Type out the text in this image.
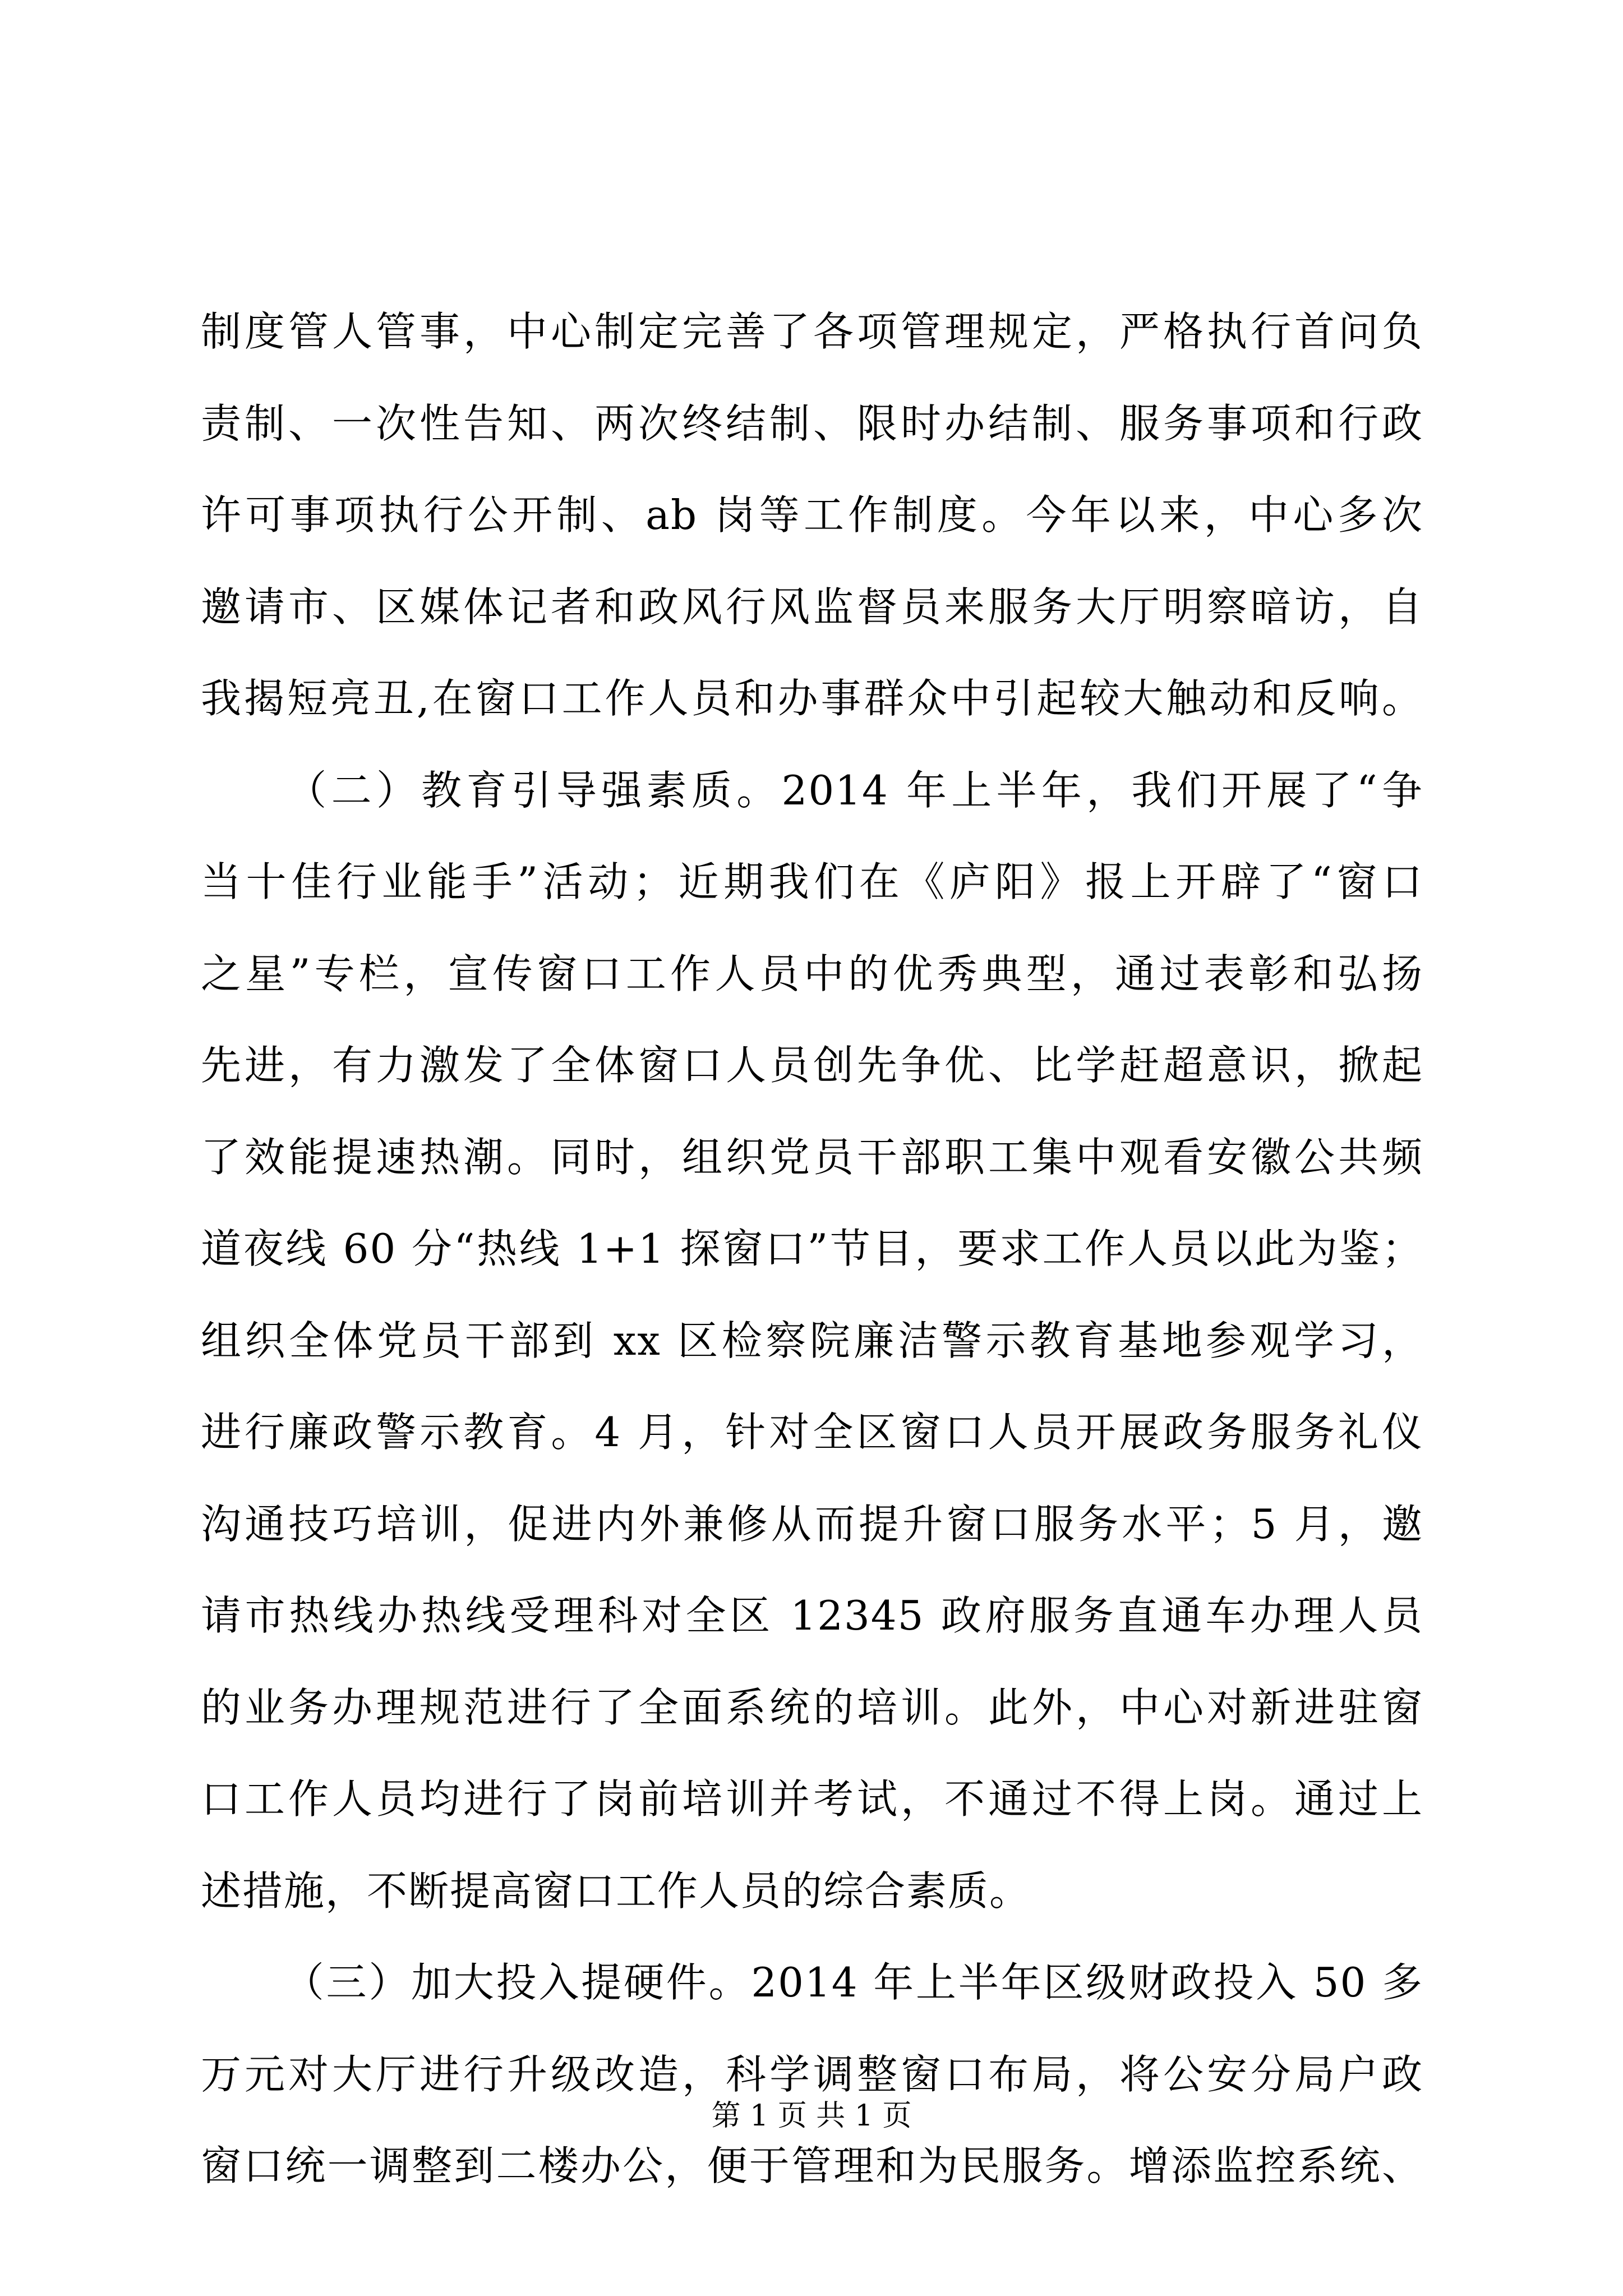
制度管人管事，中心制定完善了各项管理规定，严格执行首问负
责制、一次性告知、两次终结制、限时办结制、服务事项和行政
许可事项执行公开制、ab 岗等工作制度。今年以来，中心多次
邀请市、区媒体记者和政风行风监督员来服务大厅明察暗访，自
我揭短亮丑,在窗口工作人员和办事群众中引起较大触动和反响。

（二）教育引导强素质。2014 年上半年，我们开展了“争
当十佳行业能手”活动；近期我们在《庐阳》报上开辟了“窗口
之星”专栏，宣传窗口工作人员中的优秀典型，通过表彰和弘扬
先进，有力激发了全体窗口人员创先争优、比学赶超意识，掀起
了效能提速热潮。同时，组织党员干部职工集中观看安徽公共频
道夜线 60 分“热线 1+1 探窗口”节目，要求工作人员以此为鉴；
组织全体党员干部到 xx 区检察院廉洁警示教育基地参观学习，
进行廉政警示教育。4 月，针对全区窗口人员开展政务服务礼仪
沟通技巧培训，促进内外兼修从而提升窗口服务水平；5 月，邀
请市热线办热线受理科对全区 12345 政府服务直通车办理人员
的业务办理规范进行了全面系统的培训。此外，中心对新进驻窗
口工作人员均进行了岗前培训并考试，不通过不得上岗。通过上
述措施，不断提高窗口工作人员的综合素质。

（三）加大投入提硬件。2014 年上半年区级财政投入 50 多
万元对大厅进行升级改造，科学调整窗口布局，将公安分局户政
窗口统一调整到二楼办公，便于管理和为民服务。增添监控系统、

第 1 页 共 1 页
